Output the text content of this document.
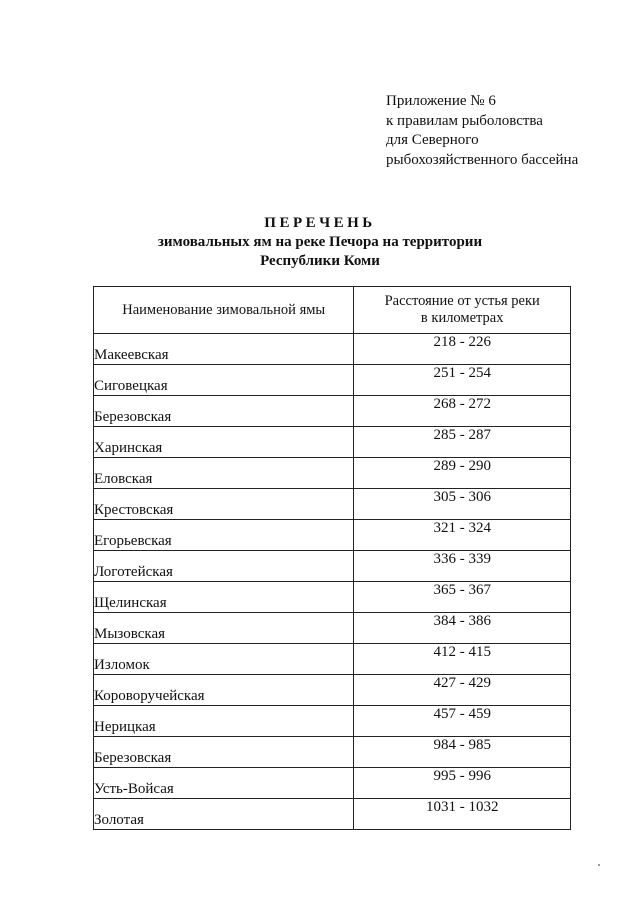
Приложение № 6
к правилам рыболовства
для Северного
рыбохозяйственного бассейна
ПЕРЕЧЕНЬ
зимовальных ям на реке Печора на территории
Республики Коми
Наименование зимовальной ямы	Расстояние от устья реки
в километрах

Макеевская	218 - 226
Сиговецкая	251 - 254
Березовская	268 - 272
Харинская	285 - 287
Еловская	289 - 290
Крестовская	305 - 306
Егорьевская	321 - 324
Логотейская	336 - 339
Щелинская	365 - 367
Мызовская	384 - 386
Изломок	412 - 415
Короворучейская	427 - 429
Нерицкая	457 - 459
Березовская	984 - 985
Усть-Войсая	995 - 996
Золотая	1031 - 1032
